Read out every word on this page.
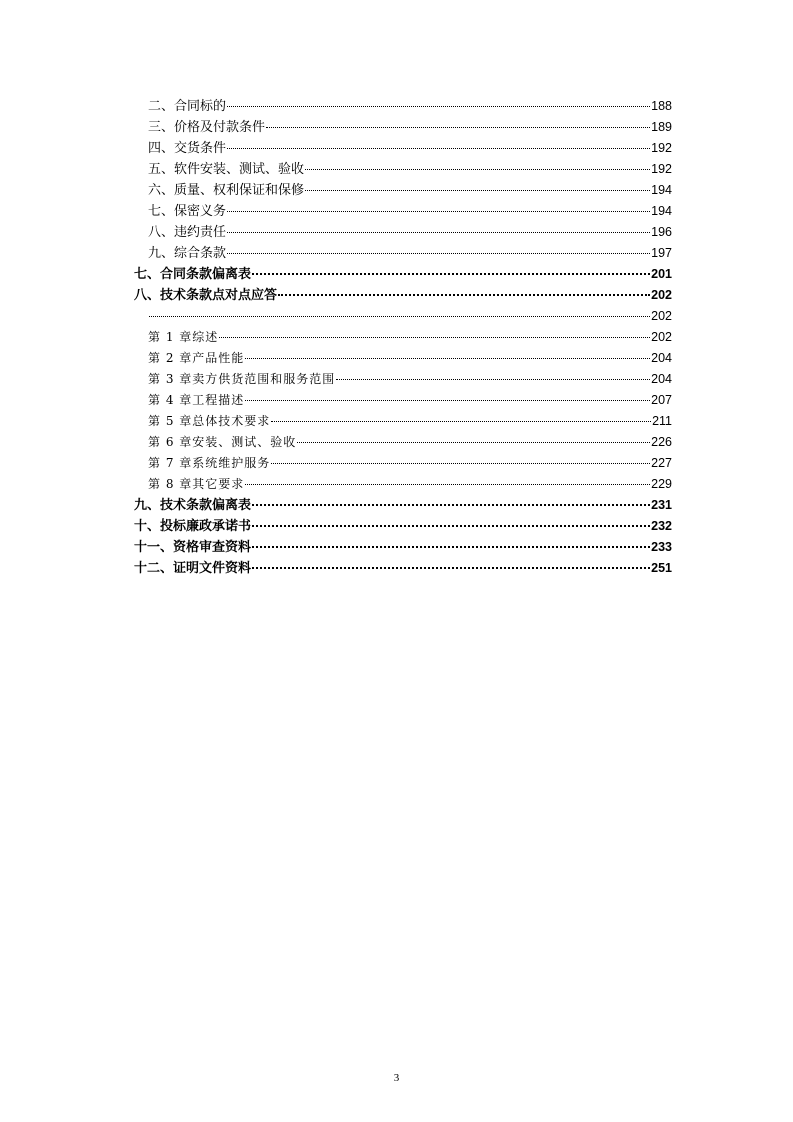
二、合同标的	188
三、价格及付款条件	189
四、交货条件	192
五、软件安装、测试、验收	192
六、质量、权利保证和保修	194
七、保密义务	194
八、违约责任	196
九、综合条款	197
七、合同条款偏离表	201
八、技术条款点对点应答	202
202
第 1 章综述	202
第 2 章产品性能	204
第 3 章卖方供货范围和服务范围	204
第 4 章工程描述	207
第 5 章总体技术要求	211
第 6 章安装、测试、验收	226
第 7 章系统维护服务	227
第 8 章其它要求	229
九、技术条款偏离表	231
十、投标廉政承诺书	232
十一、资格审查资料	233
十二、证明文件资料	251
3
